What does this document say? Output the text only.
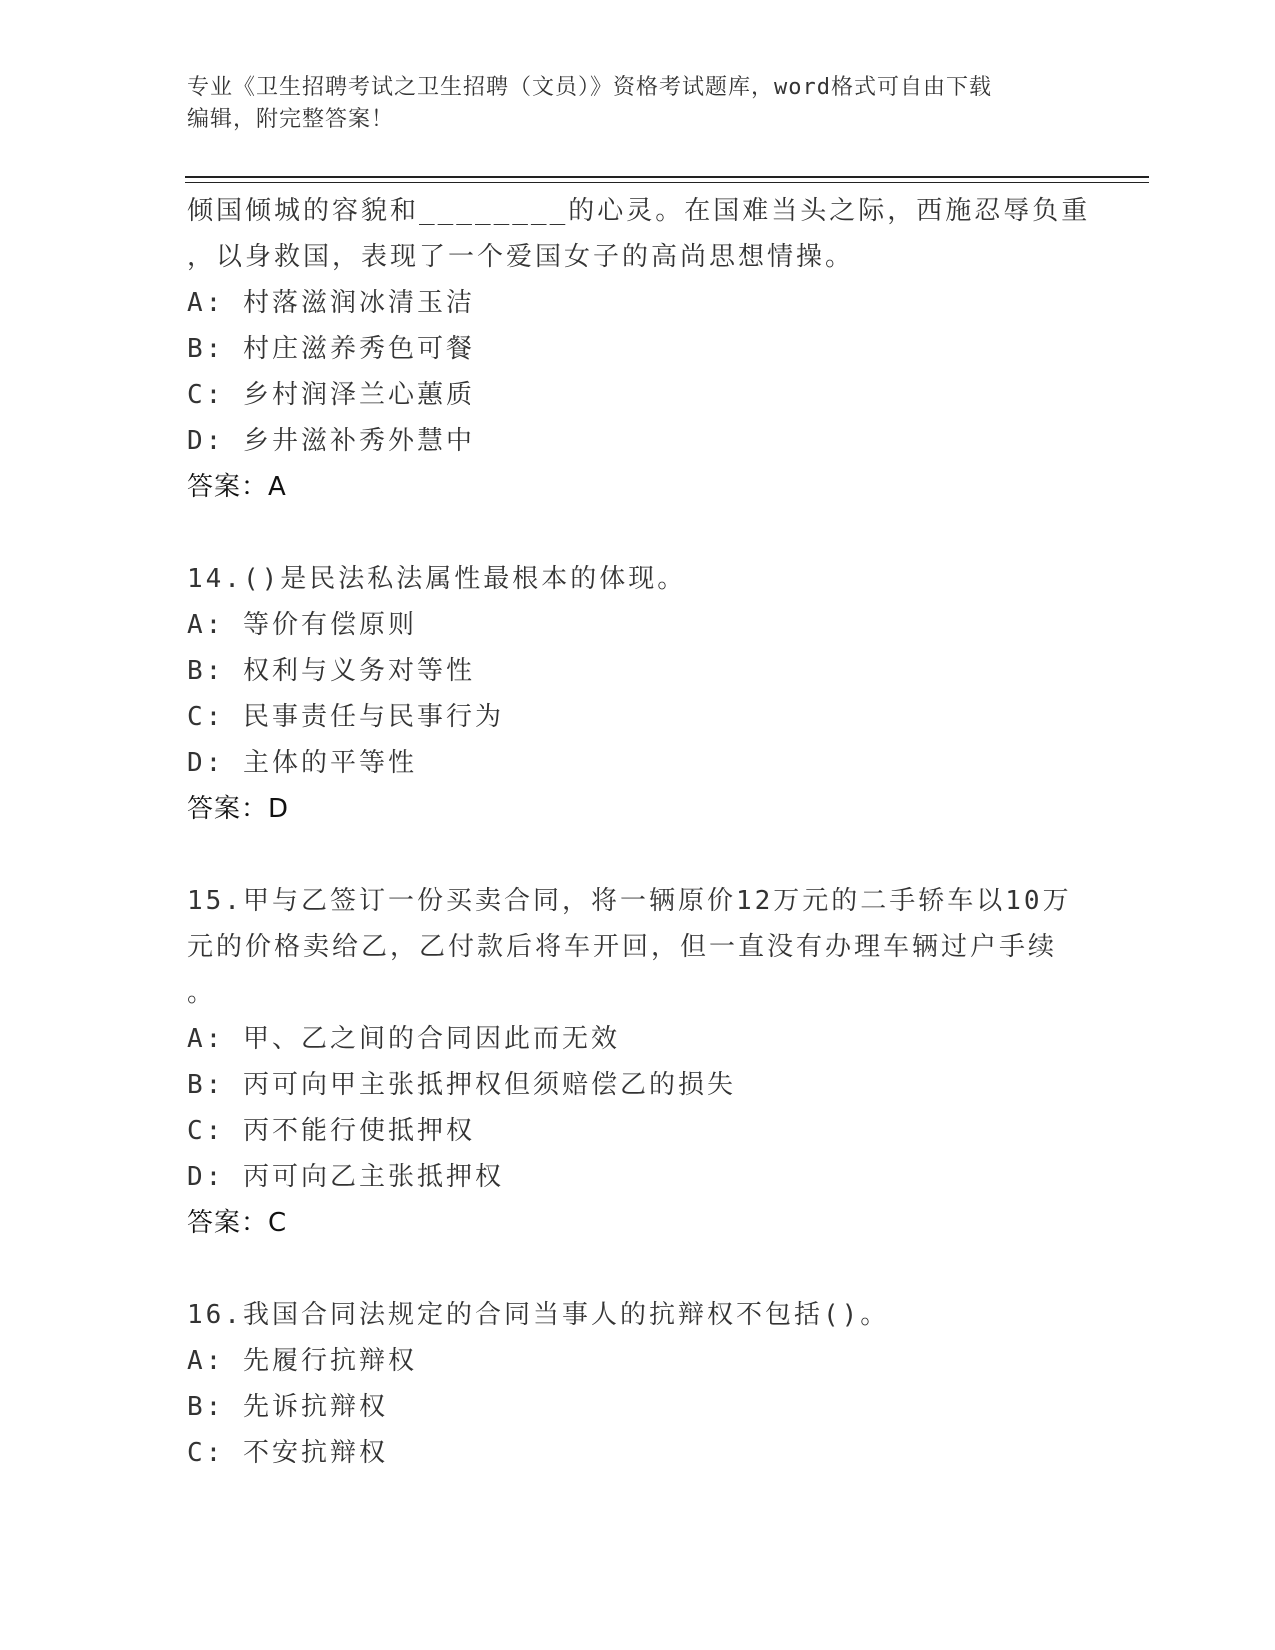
专业《卫生招聘考试之卫生招聘（文员）》资格考试题库，word格式可自由下载
编辑，附完整答案！
倾国倾城的容貌和________的心灵。在国难当头之际，西施忍辱负重
，以身救国，表现了一个爱国女子的高尚思想情操。
A: 村落滋润冰清玉洁
B: 村庄滋养秀色可餐
C: 乡村润泽兰心蕙质
D: 乡井滋补秀外慧中
答案：A
14.()是民法私法属性最根本的体现。
A: 等价有偿原则
B: 权利与义务对等性
C: 民事责任与民事行为
D: 主体的平等性
答案：D
15.甲与乙签订一份买卖合同，将一辆原价12万元的二手轿车以10万
元的价格卖给乙，乙付款后将车开回，但一直没有办理车辆过户手续
。
A: 甲、乙之间的合同因此而无效
B: 丙可向甲主张抵押权但须赔偿乙的损失
C: 丙不能行使抵押权
D: 丙可向乙主张抵押权
答案：C
16.我国合同法规定的合同当事人的抗辩权不包括()。
A: 先履行抗辩权
B: 先诉抗辩权
C: 不安抗辩权
